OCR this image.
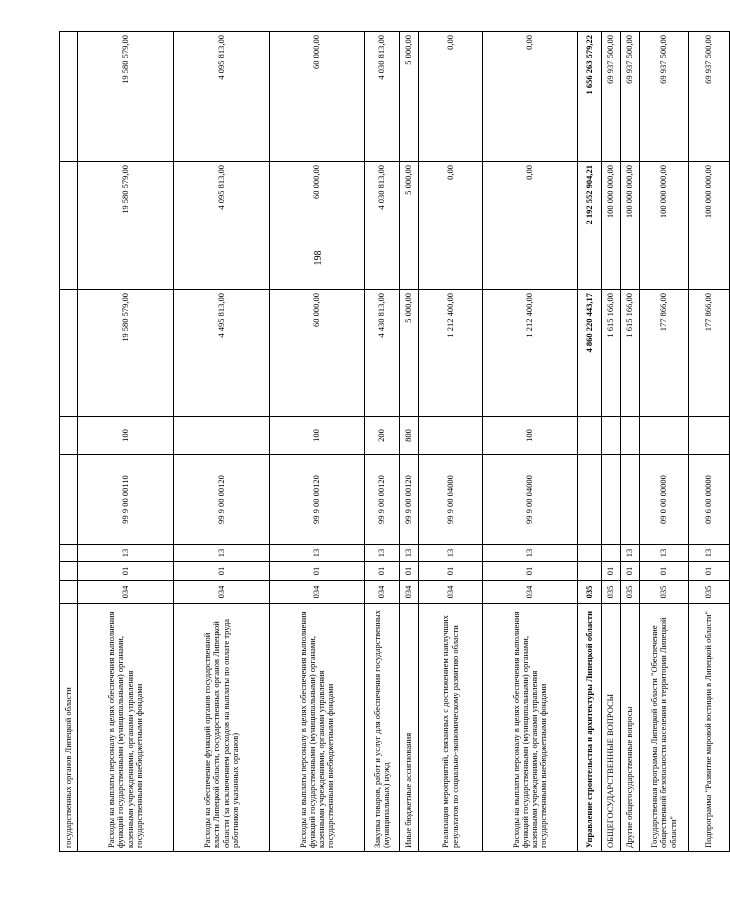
198
государственных органов Липецкой области								
Расходы на выплаты персоналу в целях обеспечения выполнения функций государственными (муниципальными) органами, казенными учреждениями, органами управления государственными внебюджетными фондами	034	01	13	99 9 00 00110	100	19 580 579,00	19 580 579,00	19 580 579,00
Расходы на обеспечение функций органов государственной власти Липецкой области, государственных органов Липецкой области (за исключением расходов на выплаты по оплате труда работников указанных органов)	034	01	13	99 9 00 00120		4 495 813,00	4 095 813,00	4 095 813,00
Расходы на выплаты персоналу в целях обеспечения выполнения функций государственными (муниципальными) органами, казенными учреждениями, органами управления государственными внебюджетными фондами	034	01	13	99 9 00 00120	100	60 000,00	60 000,00	60 000,00
Закупка товаров, работ и услуг для обеспечения государственных (муниципальных) нужд	034	01	13	99 9 00 00120	200	4 430 813,00	4 030 813,00	4 030 813,00
Иные бюджетные ассигнования	034	01	13	99 9 00 00120	800	5 000,00	5 000,00	5 000,00
Реализация мероприятий, связанных с достижением наилучших результатов по социально-экономическому развитию области	034	01	13	99 9 00 04000		1 212 400,00	0,00	0,00
Расходы на выплаты персоналу в целях обеспечения выполнения функций государственными (муниципальными) органами, казенными учреждениями, органами управления государственными внебюджетными фондами	034	01	13	99 9 00 04000	100	1 212 400,00	0,00	0,00
Управление строительства и архитектуры Липецкой области	035					4 860 220 443,17	2 192 552 904,21	1 656 263 579,22
ОБЩЕГОСУДАРСТВЕННЫЕ ВОПРОСЫ	035	01				1 615 166,00	100 000 000,00	69 937 500,00
Другие общегосударственные вопросы	035	01	13			1 615 166,00	100 000 000,00	69 937 500,00
Государственная программа Липецкой области "Обеспечение общественной безопасности населения и территории Липецкой области"	035	01	13	09 0 00 00000		177 866,00	100 000 000,00	69 937 500,00
Подпрограмма "Развитие мировой юстиции в Липецкой области"	035	01	13	09 6 00 00000		177 866,00	100 000 000,00	69 937 500,00
